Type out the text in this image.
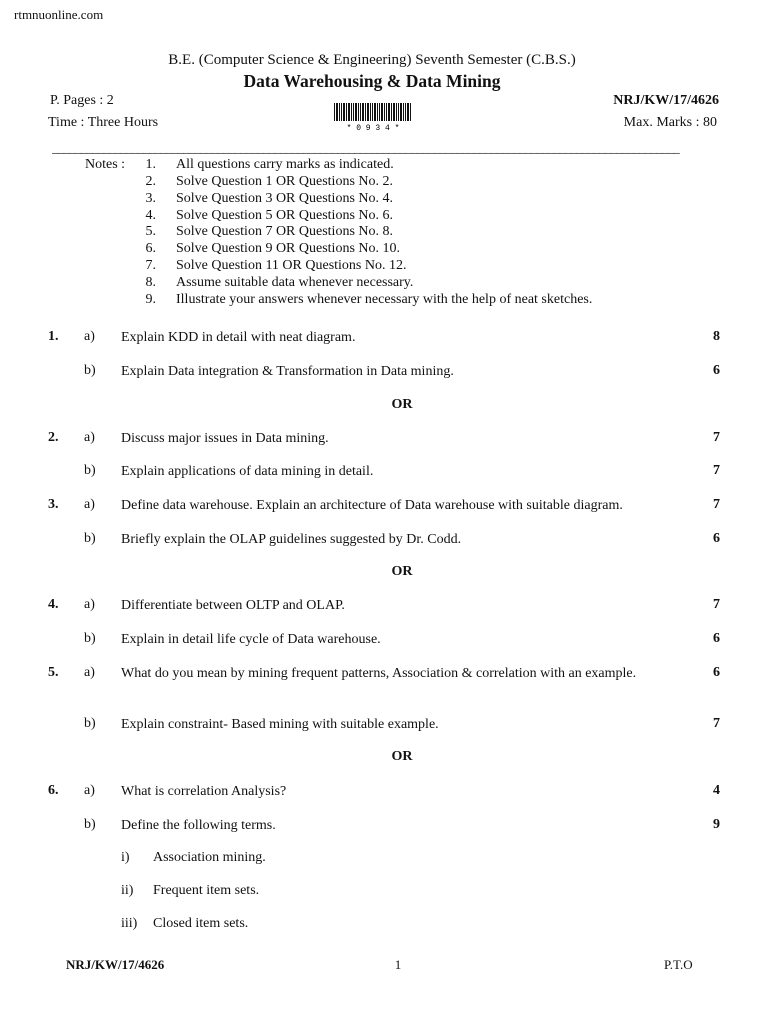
rtmnuonline.com
B.E. (Computer Science & Engineering) Seventh Semester (C.B.S.)
Data Warehousing & Data Mining
P. Pages : 2	NRJ/KW/17/4626
Time : Three Hours	Max. Marks : 80
* 0 9 3 4 *
______________________________________________________________________________________________________________
Notes : 1. All questions carry marks as indicated.
2. Solve Question 1 OR Questions No. 2.
3. Solve Question 3 OR Questions No. 4.
4. Solve Question 5 OR Questions No. 6.
5. Solve Question 7 OR Questions No. 8.
6. Solve Question 9 OR Questions No. 10.
7. Solve Question 11 OR Questions No. 12.
8. Assume suitable data whenever necessary.
9. Illustrate your answers whenever necessary with the help of neat sketches.
1. a) Explain KDD in detail with neat diagram.	8
b) Explain Data integration & Transformation in Data mining.	6
OR
2. a) Discuss major issues in Data mining.	7
b) Explain applications of data mining in detail.	7
3. a) Define data warehouse. Explain an architecture of Data warehouse with suitable diagram.	7
b) Briefly explain the OLAP guidelines suggested by Dr. Codd.	6
OR
4. a) Differentiate between OLTP and OLAP.	7
b) Explain in detail life cycle of Data warehouse.	6
5. a) What do you mean by mining frequent patterns, Association & correlation with an example.	6
b) Explain constraint- Based mining with suitable example.	7
OR
6. a) What is correlation Analysis?	4
b) Define the following terms.	9
i) Association mining.
ii) Frequent item sets.
iii) Closed item sets.
NRJ/KW/17/4626	1	P.T.O
